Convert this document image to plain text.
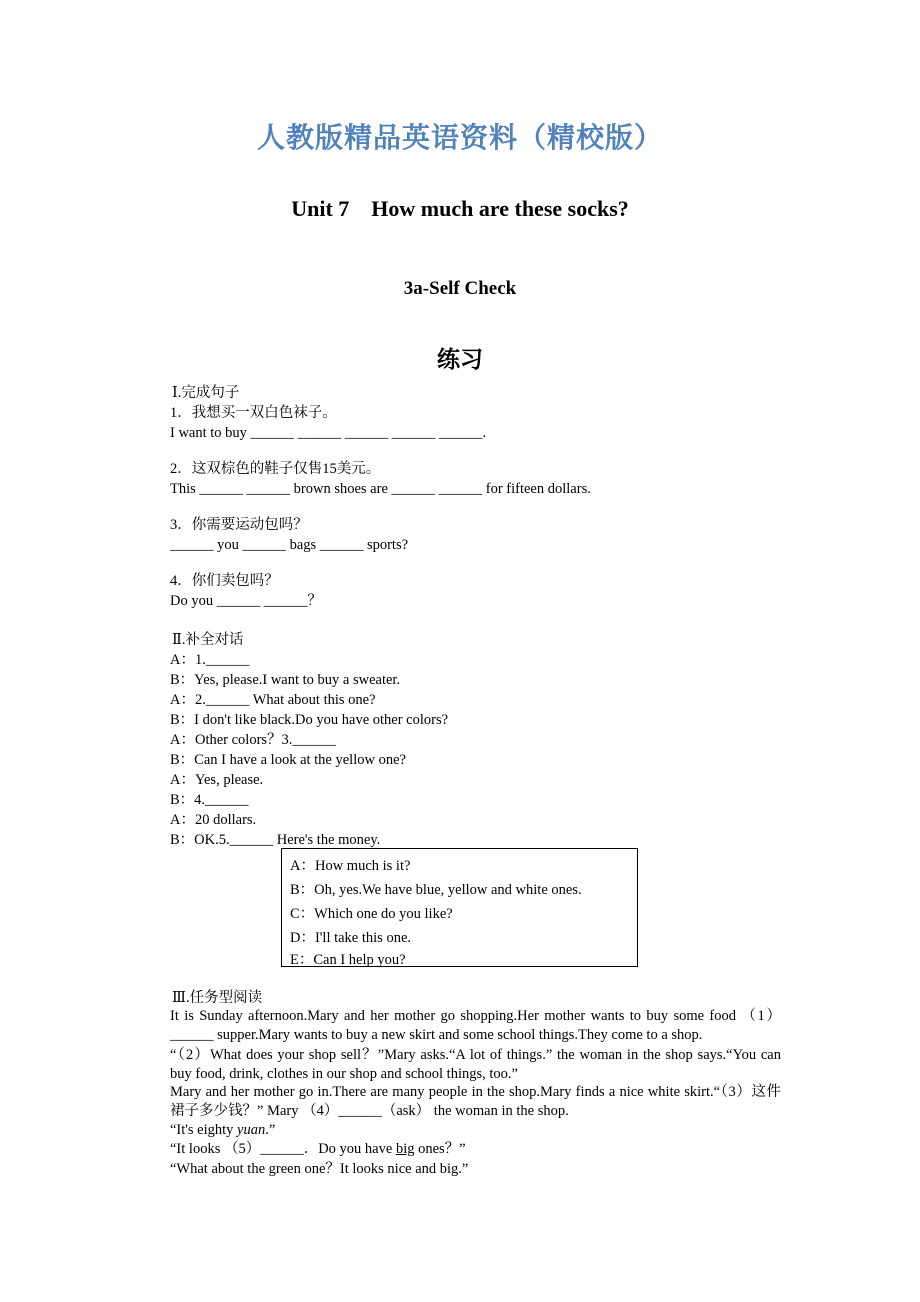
人教版精品英语资料（精校版）
Unit 7    How much are these socks?
3a-Self Check
练习
Ⅰ.完成句子
1．我想买一双白色袜子。
I want to buy ______ ______ ______ ______ ______.
2．这双棕色的鞋子仅售15美元。
This ______ ______ brown shoes are ______ ______ for fifteen dollars.
3．你需要运动包吗？
______ you ______ bags ______ sports?
4．你们卖包吗？
Do you ______ ______？
Ⅱ.补全对话
A：1.______
B：Yes, please.I want to buy a sweater.
A：2.______ What about this one?
B：I don't like black.Do you have other colors?
A：Other colors？3.______
B：Can I have a look at the yellow one?
A：Yes, please.
B：4.______
A：20 dollars.
B：OK.5.______ Here's the money.
A：How much is it?
B：Oh, yes.We have blue, yellow and white ones.
C：Which one do you like?
D：I'll take this one.
E：Can I help you?
Ⅲ.任务型阅读
It is Sunday afternoon.Mary and her mother go shopping.Her mother wants to buy some food （1）______ supper.Mary wants to buy a new skirt and some school things.They come to a shop.
“（2）What does your shop sell？”Mary asks.“A lot of things.” the woman in the shop says.“You can buy food, drink, clothes in our shop and school things, too.”
Mary and her mother go in.There are many people in the shop.Mary finds a nice white skirt.“（3）这件裙子多少钱？” Mary （4）______（ask） the woman in the shop.
“It's eighty yuan.”
“It looks （5）______．Do you have big ones？”
“What about the green one？It looks nice and big.”
